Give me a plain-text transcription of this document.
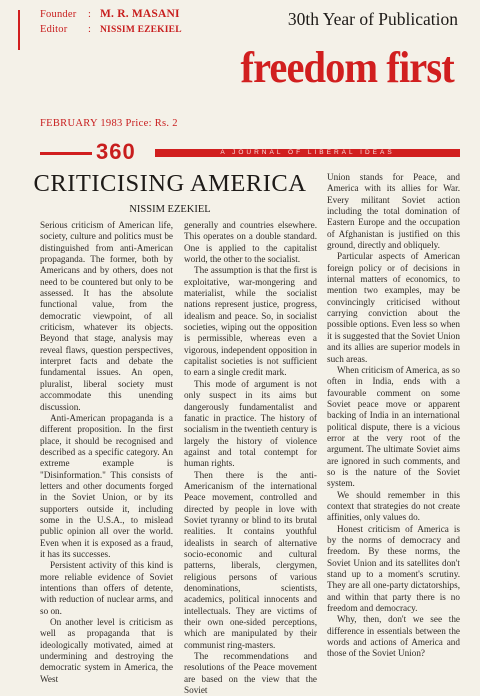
Founder : M. R. MASANI
Editor : NISSIM EZEKIEL
30th Year of Publication
freedom first
FEBRUARY 1983 Price: Rs. 2
360	A JOURNAL OF LIBERAL IDEAS
CRITICISING AMERICA
NISSIM EZEKIEL

Serious criticism of American life, society, culture and politics must be distinguished from anti-American propaganda. The former, both by Americans and by others, does not need to be countered but only to be assessed. It has the absolute functional value, from the democratic viewpoint, of all criticism, whatever its objects. Beyond that stage, analysis may reveal flaws, question perspectives, interpret facts and debate the fundamental issues. An open, pluralist, liberal society must accommodate this unending discussion.

Anti-American propaganda is a different proposition. In the first place, it should be recognised and described as a specific category. An extreme example is "Disinformation." This consists of letters and other documents forged in the Soviet Union, or by its supporters outside it, including some in the U.S.A., to mislead public opinion all over the world. Even when it is exposed as a fraud, it has its successes.

Persistent activity of this kind is more reliable evidence of Soviet intentions than offers of detente, with reduction of nuclear arms, and so on.

On another level is criticism as well as propaganda that is ideologically motivated, aimed at undermining and destroying the democratic system in America, the West

generally and countries elsewhere. This operates on a double standard. One is applied to the capitalist world, the other to the socialist.

The assumption is that the first is exploitative, war-mongering and materialist, while the socialist nations represent justice, progress, idealism and peace. So, in socialist societies, wiping out the opposition is permissible, whereas even a vigorous, independent opposition in capitalist societies is not sufficient to earn a single credit mark.

This mode of argument is not only suspect in its aims but dangerously fundamentalist and fanatic in practice. The history of socialism in the twentieth century is largely the history of violence against and total contempt for human rights.

Then there is the anti-Americanism of the international Peace movement, controlled and directed by people in love with Soviet tyranny or blind to its brutal realities. It contains youthful idealists in search of alternative socio-economic and cultural patterns, liberals, clergymen, religious persons of various denominations, scientists, academics, political innocents and intellectuals. They are victims of their own one-sided perceptions, which are manipulated by their communist ring-masters.

The recommendations and resolutions of the Peace movement are based on the view that the Soviet

Union stands for Peace, and America with its allies for War. Every militant Soviet action including the total domination of Eastern Europe and the occupation of Afghanistan is justified on this ground, directly and obliquely.

Particular aspects of American foreign policy or of decisions in internal matters of economics, to mention two examples, may be convincingly criticised without carrying conviction about the possible options. Even less so when it is suggested that the Soviet Union and its allies are superior models in such areas.

When criticism of America, as so often in India, ends with a favourable comment on some Soviet peace move or apparent backing of India in an international political dispute, there is a vicious error at the very root of the argument. The ultimate Soviet aims are ignored in such comments, and so is the nature of the Soviet system.

We should remember in this context that strategies do not create affinities, only values do.

Honest criticism of America is by the norms of democracy and freedom. By these norms, the Soviet Union and its satellites don't stand up to a moment's scrutiny. They are all one-party dictatorships, and within that party there is no freedom and democracy.

Why, then, don't we see the difference in essentials between the words and actions of America and those of the Soviet Union?
